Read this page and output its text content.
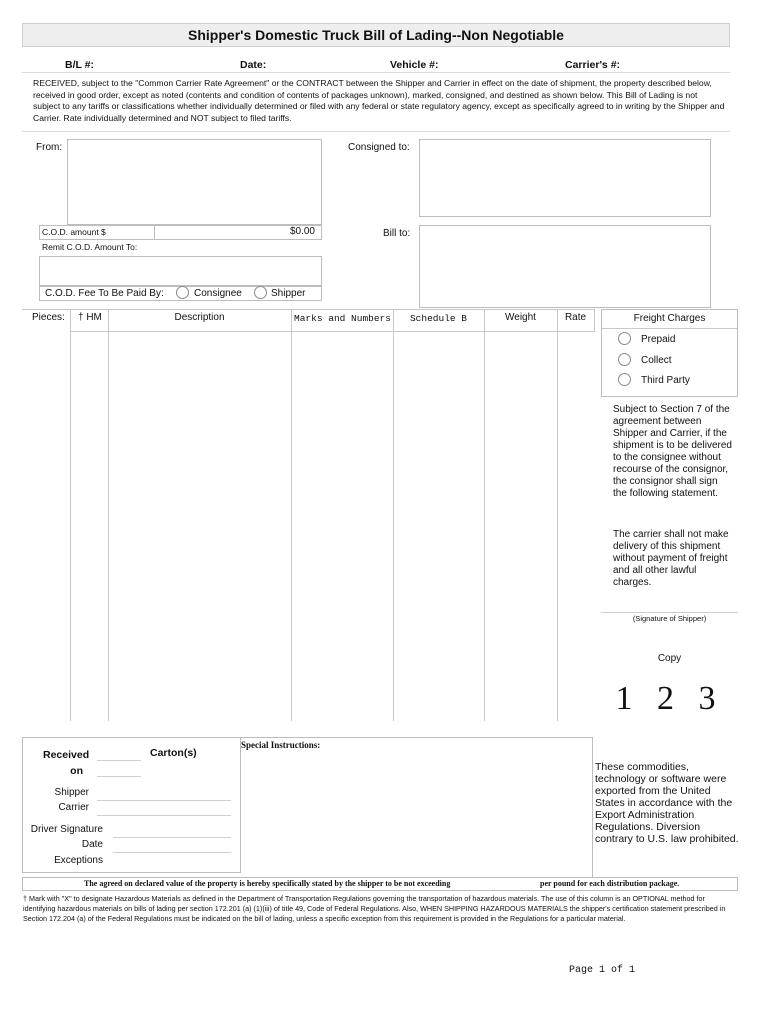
Shipper's Domestic Truck Bill of Lading--Non Negotiable
B/L #:	Date:	Vehicle #:	Carrier's #:
RECEIVED, subject to the "Common Carrier Rate Agreement" or the CONTRACT between the Shipper and Carrier in effect on the date of shipment, the property described below, received in good order, except as noted (contents and condition of contents of packages unknown), marked, consigned, and destined as shown below. This Bill of Lading is not subject to any tariffs or classifications whether individually determined or filed with any federal or state regulatory agency, except as specifically agreed to in writing by the Shipper and Carrier. Rate individually determined and NOT subject to filed tariffs.
From:	Consigned to:
Bill to:
C.O.D. amount $	$0.00
Remit C.O.D. Amount To:
C.O.D. Fee To Be Paid By:	Consignee	Shipper
Pieces: † HM	Description	Marks and Numbers	Schedule B	Weight	Rate	Freight Charges
Prepaid
Collect
Third Party
Subject to Section 7 of the agreement between Shipper and Carrier, if the shipment is to be delivered to the consignee without recourse of the consignor, the consignor shall sign the following statement.
The carrier shall not make delivery of this shipment without payment of freight and all other lawful charges.
(Signature of Shipper)
Copy
1 2 3
Received on
Carton(s)
Shipper Carrier
Driver Signature
Date
Exceptions
Special Instructions:
These commodities, technology or software were exported from the United States in accordance with the Export Administration Regulations. Diversion contrary to U.S. law prohibited.
The agreed on declared value of the property is hereby specifically stated by the shipper to be not exceeding	per pound for each distribution package.
† Mark with "X" to designate Hazardous Materials as defined in the Department of Transportation Regulations governing the transportation of hazardous materials. The use of this column is an OPTIONAL method for identifying hazardous materials on bills of lading per section 172.201 (a) (1)(iii) of title 49, Code of Federal Regulations. Also, WHEN SHIPPING HAZARDOUS MATERIALS the shipper's certification statement prescribed in Section 172.204 (a) of the Federal Regulations must be indicated on the bill of lading, unless a specific exception from this requirement is provided in the Regulations for a particular material.
Page 1 of 1
